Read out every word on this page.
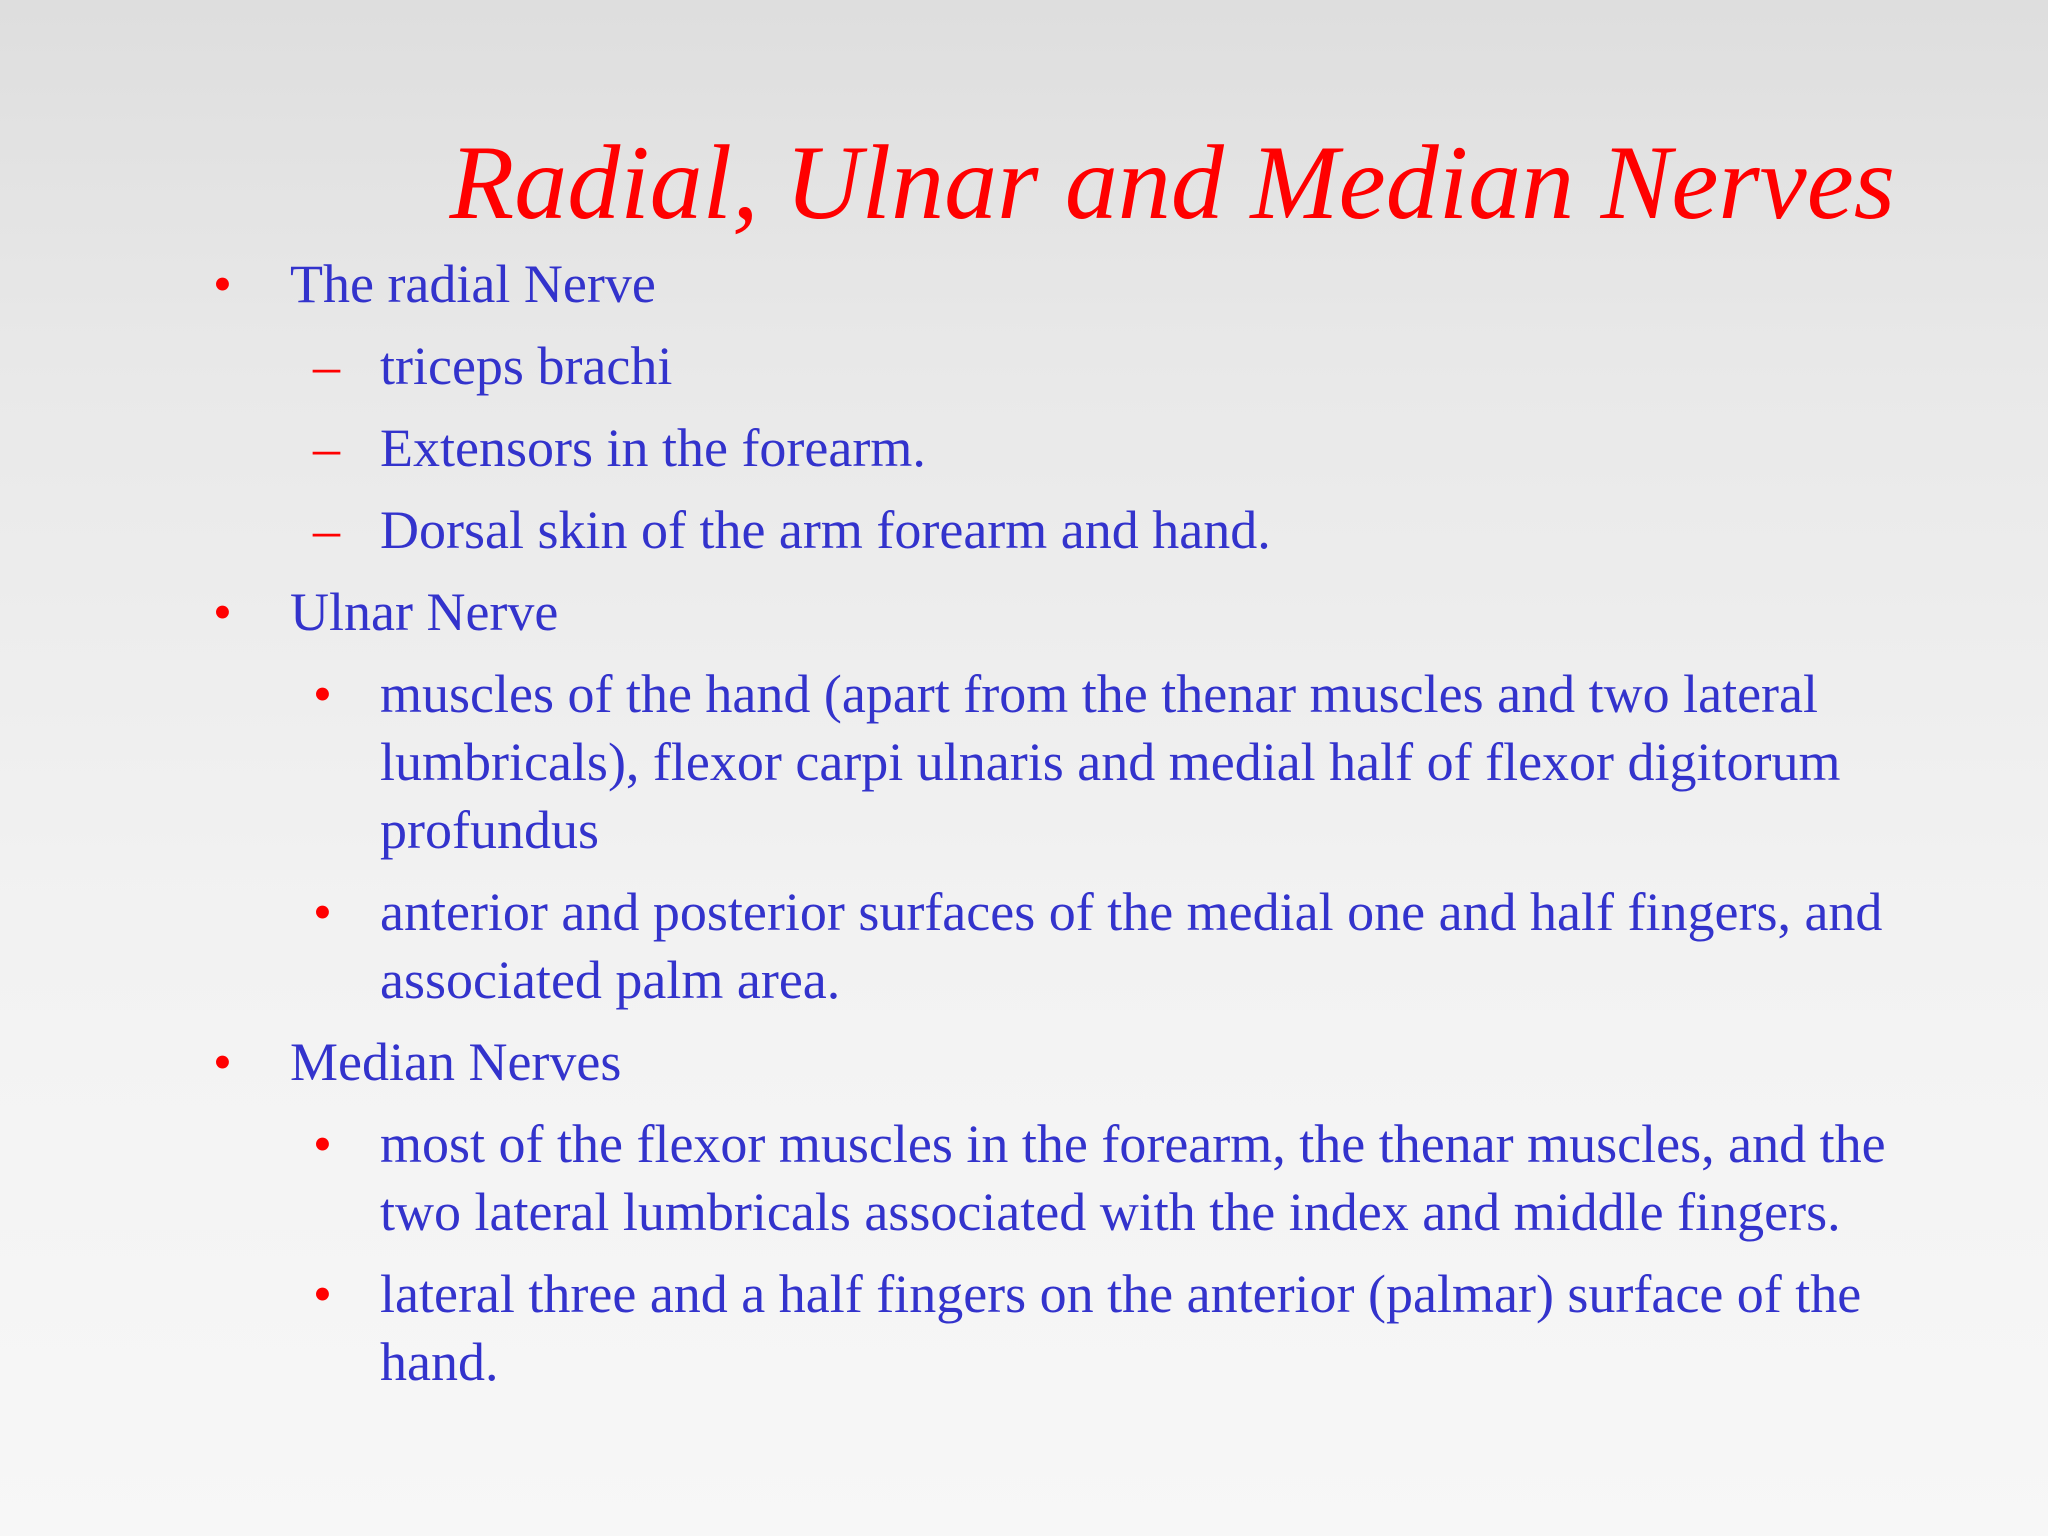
Radial, Ulnar and Median Nerves
• The radial Nerve
– triceps brachi
– Extensors in the forearm.
– Dorsal skin of the arm forearm and hand.
• Ulnar Nerve
• muscles of the hand (apart from the thenar muscles and two lateral lumbricals), flexor carpi ulnaris and medial half of flexor digitorum profundus
• anterior and posterior surfaces of the medial one and half fingers, and associated palm area.
• Median Nerves
• most of the flexor muscles in the forearm, the thenar muscles, and the two lateral lumbricals associated with the index and middle fingers.
• lateral three and a half fingers on the anterior (palmar) surface of the hand.
